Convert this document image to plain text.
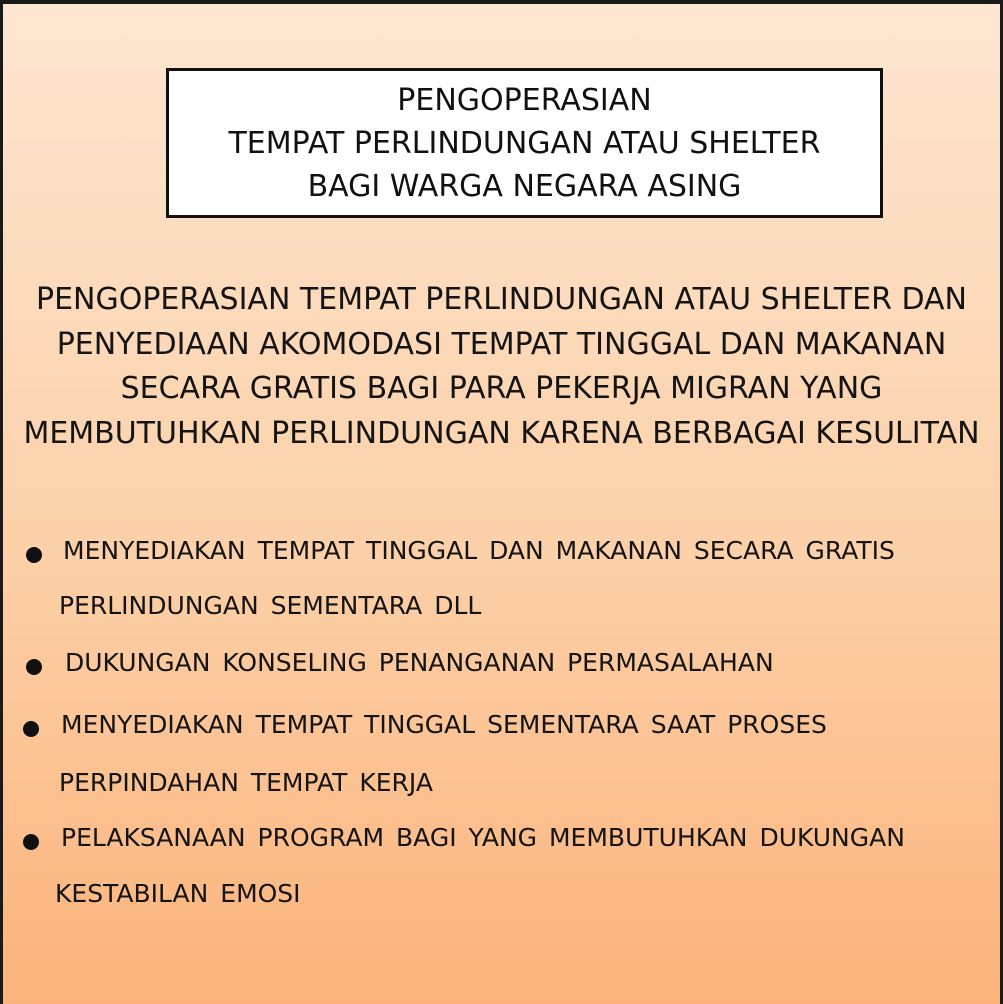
PENGOPERASIAN
TEMPAT PERLINDUNGAN ATAU SHELTER
BAGI WARGA NEGARA ASING
PENGOPERASIAN TEMPAT PERLINDUNGAN ATAU SHELTER DAN
PENYEDIAAN AKOMODASI TEMPAT TINGGAL DAN MAKANAN
SECARA GRATIS BAGI PARA PEKERJA MIGRAN YANG
MEMBUTUHKAN PERLINDUNGAN KARENA BERBAGAI KESULITAN
MENYEDIAKAN TEMPAT TINGGAL DAN MAKANAN SECARA GRATIS
PERLINDUNGAN SEMENTARA DLL
DUKUNGAN KONSELING PENANGANAN PERMASALAHAN
MENYEDIAKAN TEMPAT TINGGAL SEMENTARA SAAT PROSES
PERPINDAHAN TEMPAT KERJA
PELAKSANAAN PROGRAM BAGI YANG MEMBUTUHKAN DUKUNGAN
KESTABILAN EMOSI
